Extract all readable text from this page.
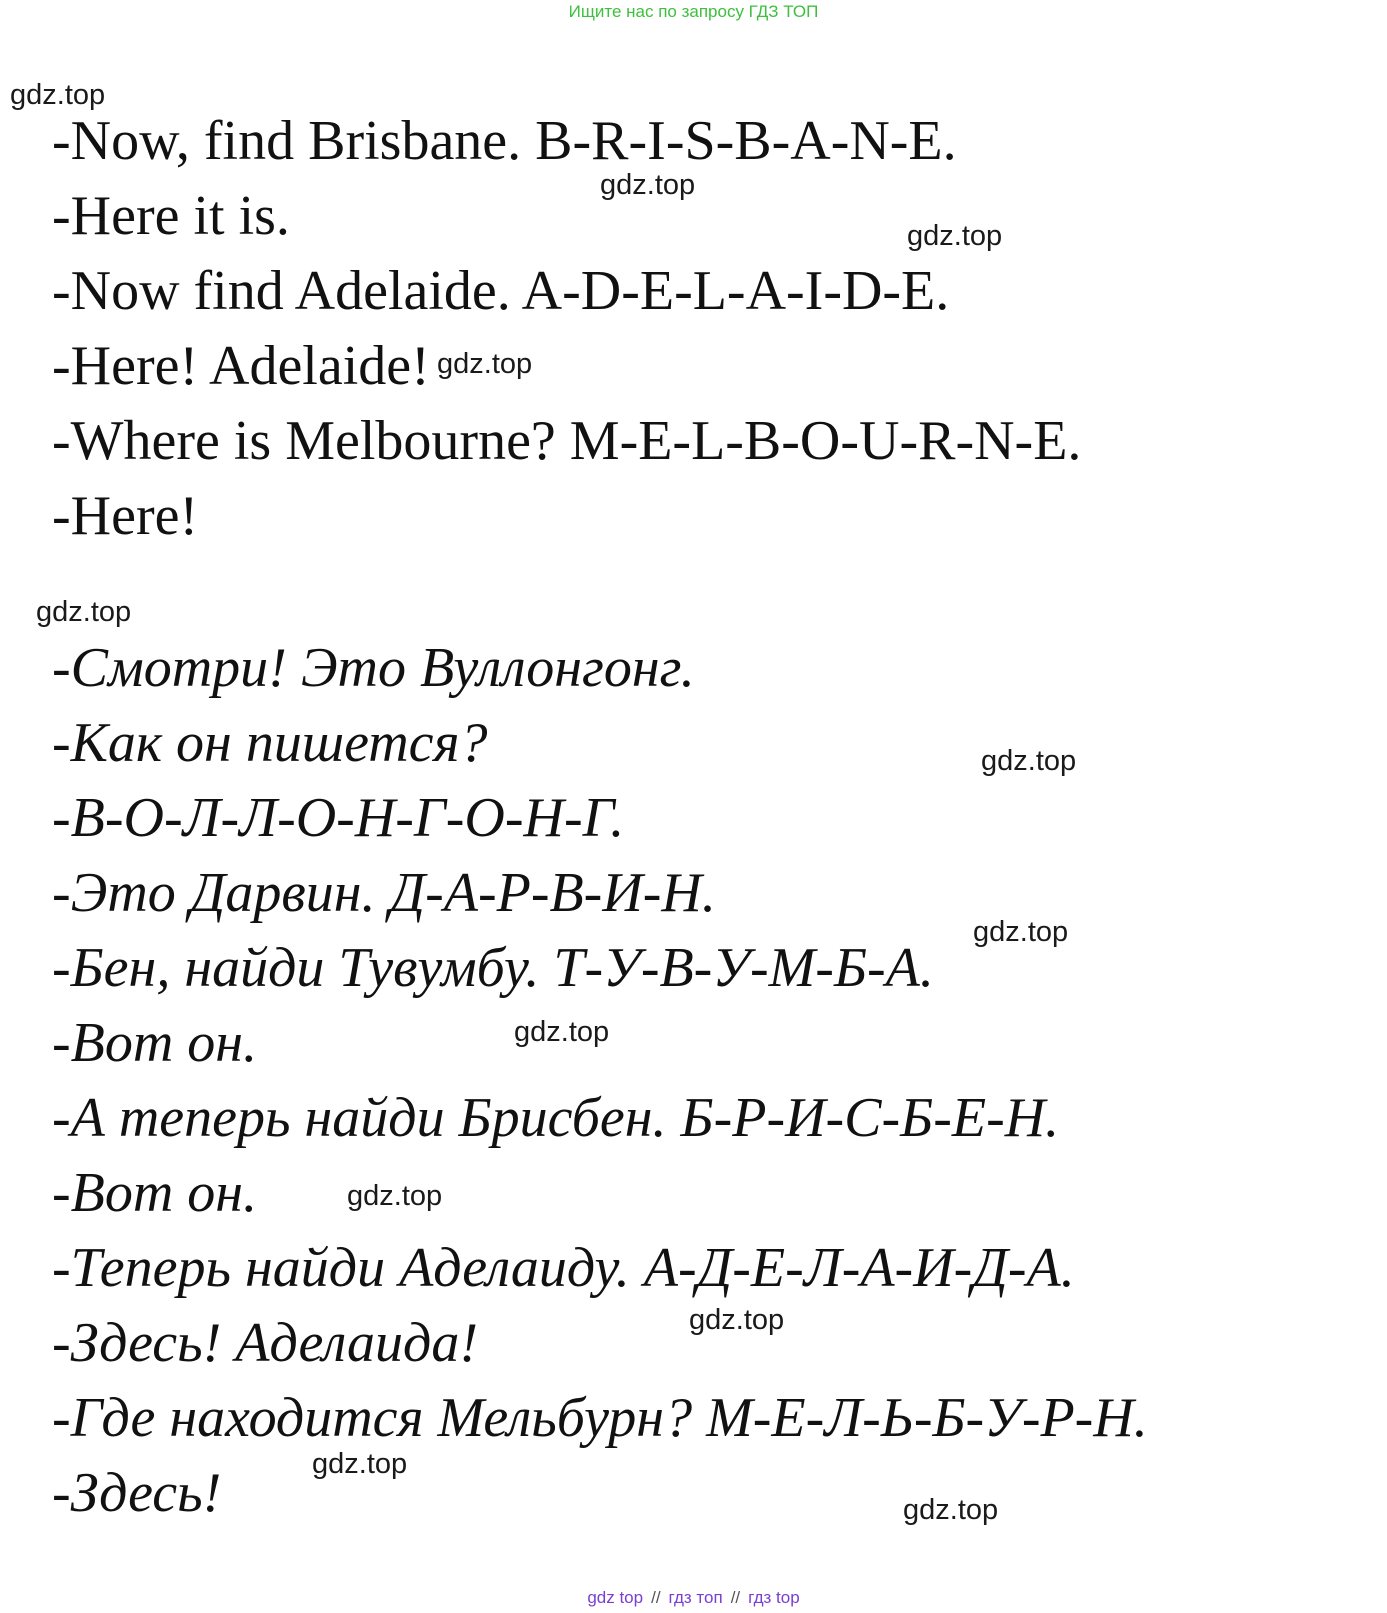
Ищите нас по запросу ГДЗ ТОП

-Now, find Brisbane. B-R-I-S-B-A-N-E.

-Here it is.

-Now find Adelaide. A-D-E-L-A-I-D-E.

-Here! Adelaide!

-Where is Melbourne? M-E-L-B-O-U-R-N-E.

-Here!

-Смотри! Это Вуллонгонг.

-Как он пишется?

-В-О-Л-Л-О-Н-Г-О-Н-Г.

-Это Дарвин. Д-А-Р-В-И-Н.

-Бен, найди Тувумбу. Т-У-В-У-М-Б-А.

-Вот он.

-А теперь найди Брисбен. Б-Р-И-С-Б-Е-Н.

-Вот он.

-Теперь найди Аделаиду. А-Д-Е-Л-А-И-Д-А.

-Здесь! Аделаида!

-Где находится Мельбурн? М-Е-Л-Ь-Б-У-Р-Н.

-Здесь!

gdz.top
gdz.top
gdz.top
gdz.top
gdz.top
gdz.top
gdz.top
gdz.top
gdz.top
gdz.top
gdz.top
gdz.top
gdz top // гдз топ // гдз top
